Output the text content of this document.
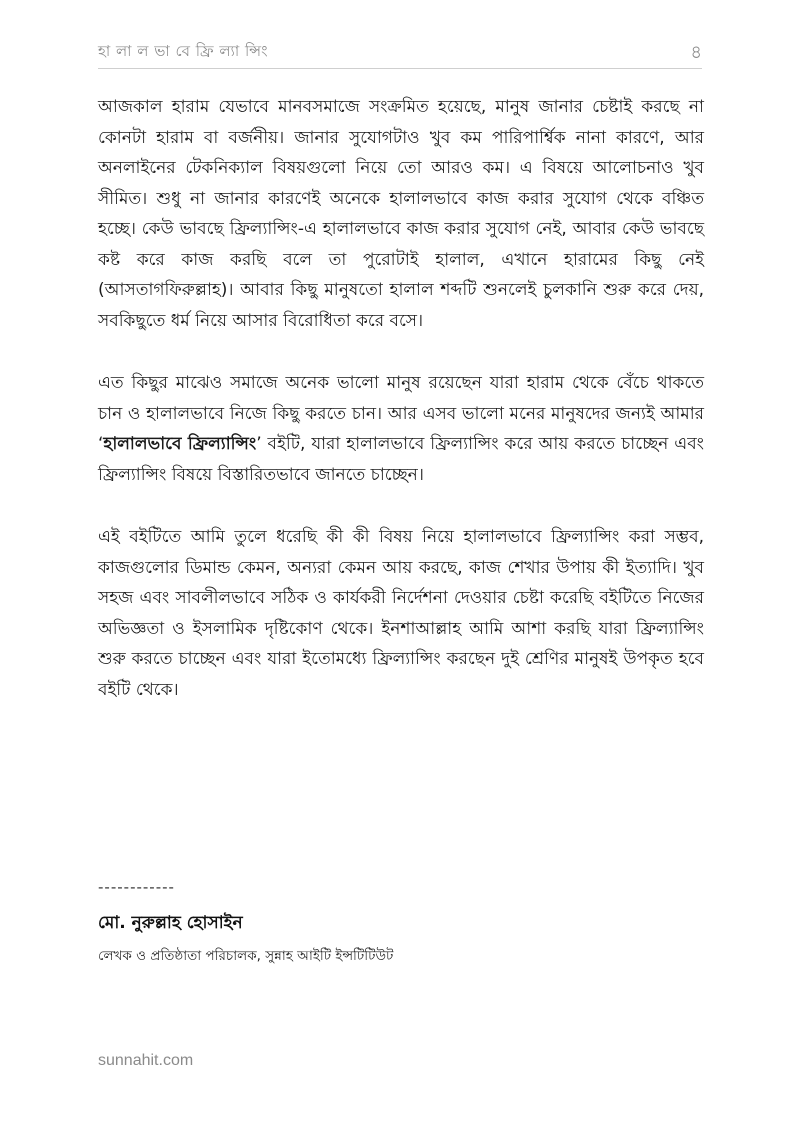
হা লা ল ভা বে ফ্রি ল্যা ন্সিং	৪

আজকাল হারাম যেভাবে মানবসমাজে সংক্রমিত হয়েছে, মানুষ জানার চেষ্টাই করছে না কোনটা হারাম বা বর্জনীয়। জানার সুযোগটাও খুব কম পারিপার্শ্বিক নানা কারণে, আর অনলাইনের টেকনিক্যাল বিষয়গুলো নিয়ে তো আরও কম। এ বিষয়ে আলোচনাও খুব সীমিত। শুধু না জানার কারণেই অনেকে হালালভাবে কাজ করার সুযোগ থেকে বঞ্চিত হচ্ছে। কেউ ভাবছে ফ্রিল্যান্সিং-এ হালালভাবে কাজ করার সুযোগ নেই, আবার কেউ ভাবছে কষ্ট করে কাজ করছি বলে তা পুরোটাই হালাল, এখানে হারামের কিছু নেই (আসতাগফিরুল্লাহ)। আবার কিছু মানুষতো হালাল শব্দটি শুনলেই চুলকানি শুরু করে দেয়, সবকিছুতে ধর্ম নিয়ে আসার বিরোধিতা করে বসে।

এত কিছুর মাঝেও সমাজে অনেক ভালো মানুষ রয়েছেন যারা হারাম থেকে বেঁচে থাকতে চান ও হালালভাবে নিজে কিছু করতে চান। আর এসব ভালো মনের মানুষদের জন্যই আমার ‘হালালভাবে ফ্রিল্যান্সিং’ বইটি, যারা হালালভাবে ফ্রিল্যান্সিং করে আয় করতে চাচ্ছেন এবং ফ্রিল্যান্সিং বিষয়ে বিস্তারিতভাবে জানতে চাচ্ছেন।

এই বইটিতে আমি তুলে ধরেছি কী কী বিষয় নিয়ে হালালভাবে ফ্রিল্যান্সিং করা সম্ভব, কাজগুলোর ডিমান্ড কেমন, অন্যরা কেমন আয় করছে, কাজ শেখার উপায় কী ইত্যাদি। খুব সহজ এবং সাবলীলভাবে সঠিক ও কার্যকরী নির্দেশনা দেওয়ার চেষ্টা করেছি বইটিতে নিজের অভিজ্ঞতা ও ইসলামিক দৃষ্টিকোণ থেকে। ইনশাআল্লাহ আমি আশা করছি যারা ফ্রিল্যান্সিং শুরু করতে চাচ্ছেন এবং যারা ইতোমধ্যে ফ্রিল্যান্সিং করছেন দুই শ্রেণির মানুষই উপকৃত হবে বইটি থেকে।

------------
মো. নুরুল্লাহ হোসাইন
লেখক ও প্রতিষ্ঠাতা পরিচালক, সুন্নাহ আইটি ইন্সটিটিউট
sunnahit.com
